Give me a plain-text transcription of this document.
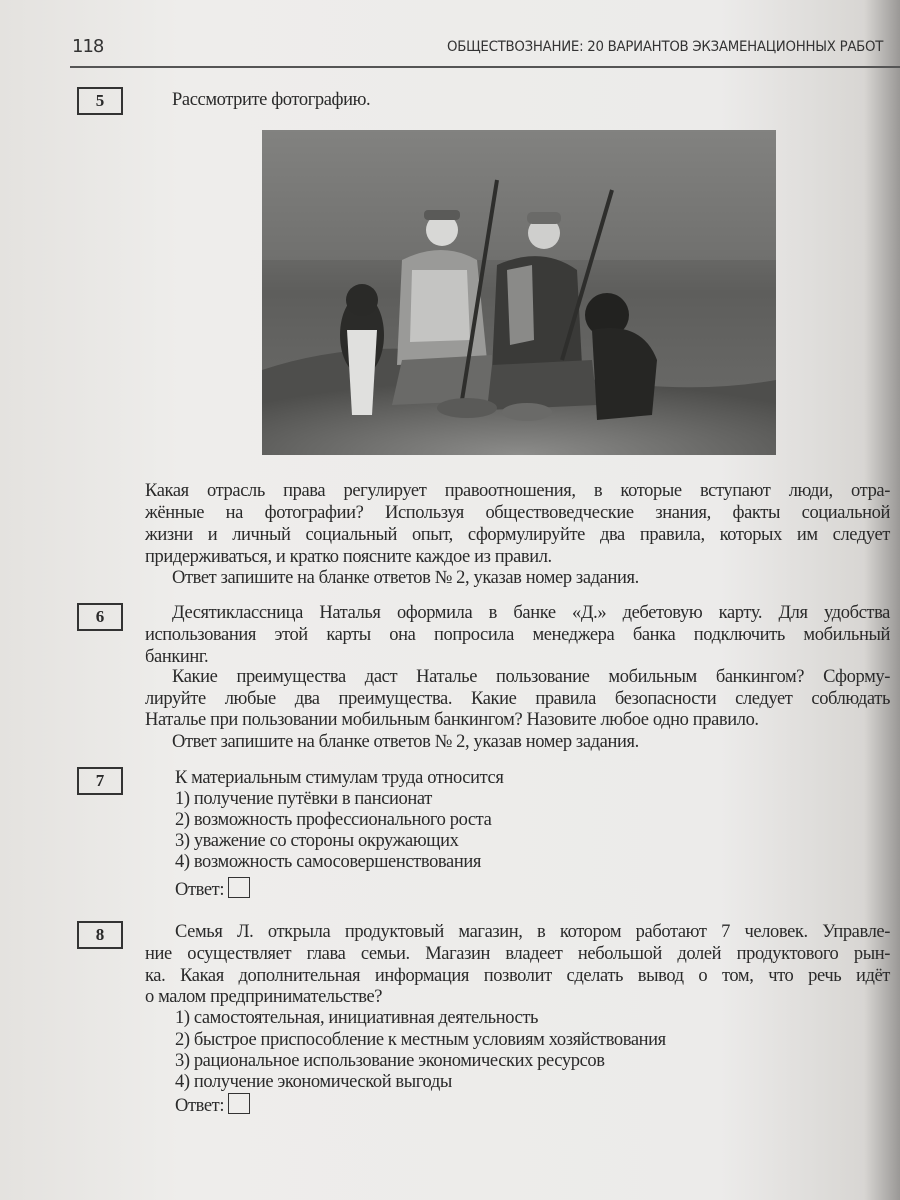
118	ОБЩЕСТВОЗНАНИЕ: 20 ВАРИАНТОВ ЭКЗАМЕНАЦИОННЫХ РАБОТ
5	Рассмотрите фотографию.
Какая отрасль права регулирует правоотношения, в которые вступают люди, отра-
жённые на фотографии? Используя обществоведческие знания, факты социальной
жизни и личный социальный опыт, сформулируйте два правила, которых им следует
придерживаться, и кратко поясните каждое из правил.
Ответ запишите на бланке ответов № 2, указав номер задания.
6	Десятиклассница Наталья оформила в банке «Д.» дебетовую карту. Для удобства
использования этой карты она попросила менеджера банка подключить мобильный
банкинг.
Какие преимущества даст Наталье пользование мобильным банкингом? Сформу-
лируйте любые два преимущества. Какие правила безопасности следует соблюдать
Наталье при пользовании мобильным банкингом? Назовите любое одно правило.
Ответ запишите на бланке ответов № 2, указав номер задания.
7	К материальным стимулам труда относится
1) получение путёвки в пансионат
2) возможность профессионального роста
3) уважение со стороны окружающих
4) возможность самосовершенствования
Ответ:
8	Семья Л. открыла продуктовый магазин, в котором работают 7 человек. Управле-
ние осуществляет глава семьи. Магазин владеет небольшой долей продуктового рын-
ка. Какая дополнительная информация позволит сделать вывод о том, что речь идёт
о малом предпринимательстве?
1) самостоятельная, инициативная деятельность
2) быстрое приспособление к местным условиям хозяйствования
3) рациональное использование экономических ресурсов
4) получение экономической выгоды
Ответ:
